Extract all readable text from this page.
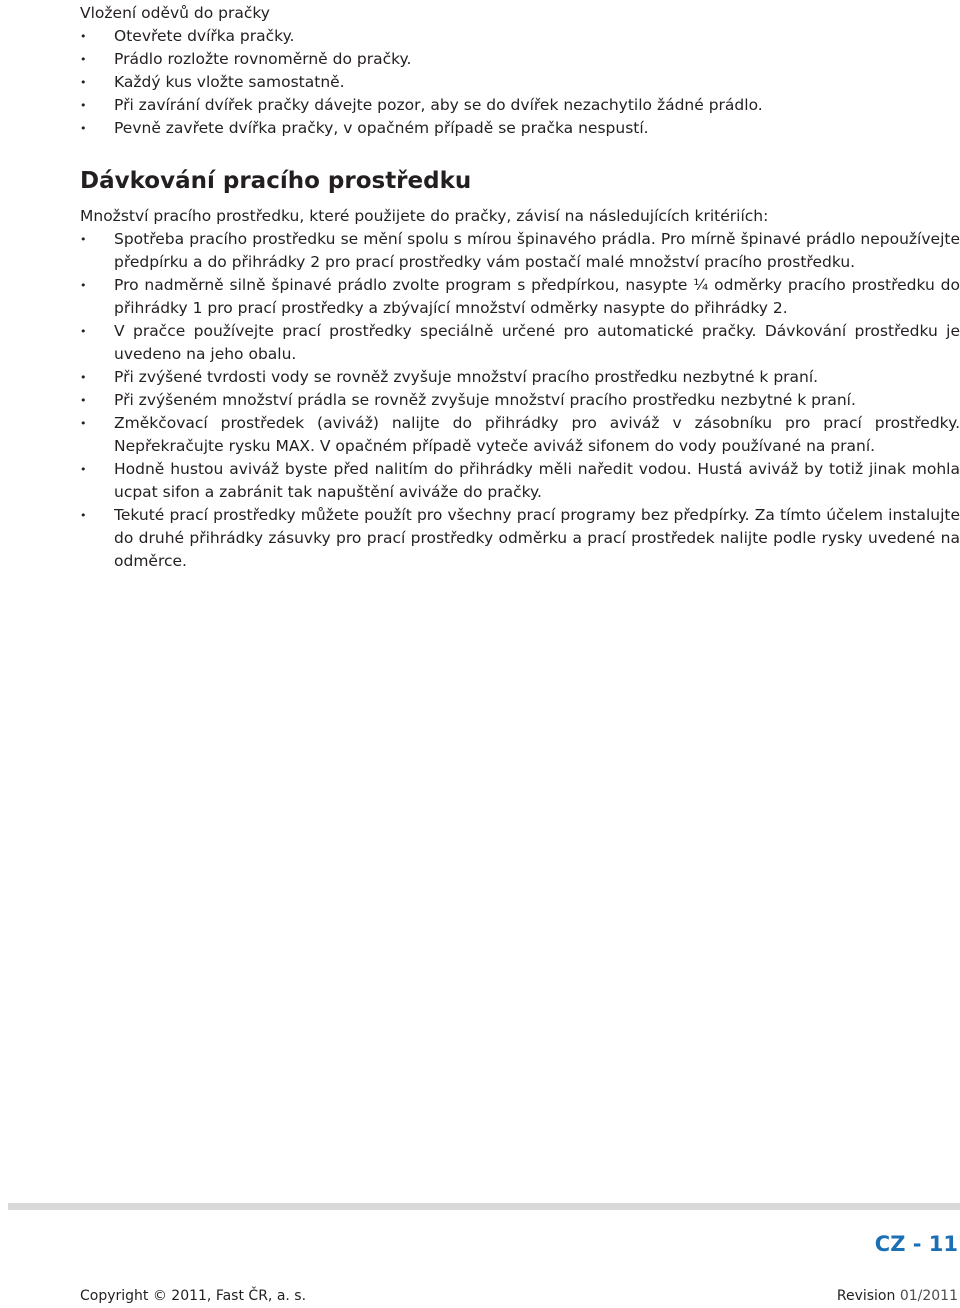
Vložení oděvů do pračky

• Otevřete dvířka pračky.
• Prádlo rozložte rovnoměrně do pračky.
• Každý kus vložte samostatně.
• Při zavírání dvířek pračky dávejte pozor, aby se do dvířek nezachytilo žádné prádlo.
• Pevně zavřete dvířka pračky, v opačném případě se pračka nespustí.
Dávkování pracího prostředku

Množství pracího prostředku, které použijete do pračky, závisí na následujících kritériích:

• Spotřeba pracího prostředku se mění spolu s mírou špinavého prádla. Pro mírně špinavé prádlo nepoužívejte předpírku a do přihrádky 2 pro prací prostředky vám postačí malé množství pracího prostředku.
• Pro nadměrně silně špinavé prádlo zvolte program s předpírkou, nasypte ¼ odměrky pracího prostředku do přihrádky 1 pro prací prostředky a zbývající množství odměrky nasypte do přihrádky 2.
• V pračce používejte prací prostředky speciálně určené pro automatické pračky. Dávkování prostředku je uvedeno na jeho obalu.
• Při zvýšené tvrdosti vody se rovněž zvyšuje množství pracího prostředku nezbytné k praní.
• Při zvýšeném množství prádla se rovněž zvyšuje množství pracího prostředku nezbytné k praní.
• Změkčovací prostředek (aviváž) nalijte do přihrádky pro aviváž v zásobníku pro prací prostředky. Nepřekračujte rysku MAX. V opačném případě vyteče aviváž sifonem do vody používané na praní.
• Hodně hustou aviváž byste před nalitím do přihrádky měli naředit vodou. Hustá aviváž by totiž jinak mohla ucpat sifon a zabránit tak napuštění aviváže do pračky.
• Tekuté prací prostředky můžete použít pro všechny prací programy bez předpírky. Za tímto účelem instalujte do druhé přihrádky zásuvky pro prací prostředky odměrku a prací prostředek nalijte podle rysky uvedené na odměrce.
CZ - 11
Copyright © 2011, Fast ČR, a. s.	Revision 01/2011
